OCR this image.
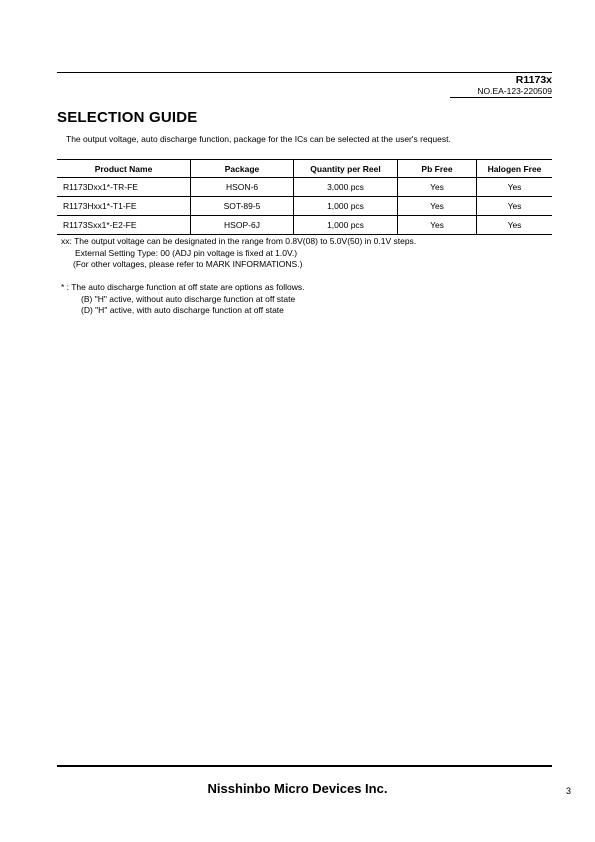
R1173x
NO.EA-123-220509
SELECTION GUIDE
The output voltage, auto discharge function, package for the ICs can be selected at the user's request.
Product Name	Package	Quantity per Reel	Pb Free	Halogen Free
R1173Dxx1*-TR-FE	HSON-6	3,000 pcs	Yes	Yes
R1173Hxx1*-T1-FE	SOT-89-5	1,000 pcs	Yes	Yes
R1173Sxx1*-E2-FE	HSOP-6J	1,000 pcs	Yes	Yes
xx: The output voltage can be designated in the range from 0.8V(08) to 5.0V(50) in 0.1V steps.
External Setting Type: 00 (ADJ pin voltage is fixed at 1.0V.)
(For other voltages, please refer to MARK INFORMATIONS.)
* : The auto discharge function at off state are options as follows.
(B) "H" active, without auto discharge function at off state
(D) "H" active, with auto discharge function at off state
Nisshinbo Micro Devices Inc.	3
